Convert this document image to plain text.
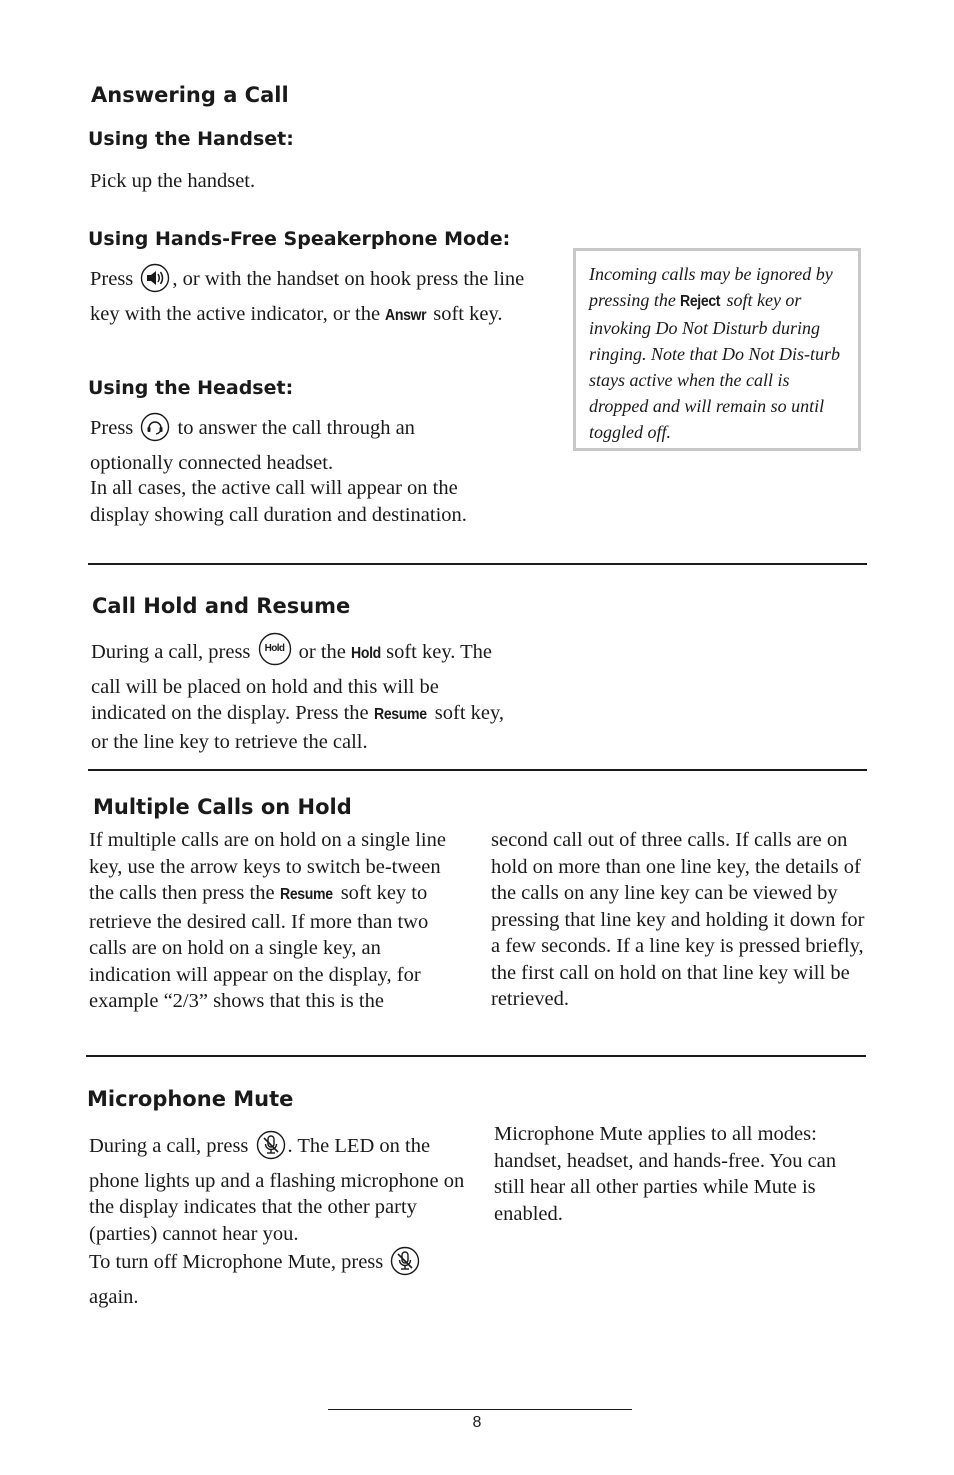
Answering a Call
Using the Handset:

Pick up the handset.

Using Hands-Free Speakerphone Mode:

Press , or with the handset on hook press the line key with the active indicator, or the Answr soft key.

Using the Headset:

Press to answer the call through an optionally connected headset.

In all cases, the active call will appear on the display showing call duration and destination.

Incoming calls may be ignored by pressing the Reject soft key or invoking Do Not Disturb during ringing. Note that Do Not Dis-turb stays active when the call is dropped and will remain so until toggled off.

Call Hold and Resume

During a call, press	Hold or the Hold soft key. The call will be placed on hold and this will be indicated on the display. Press the Resume soft key, or the line key to retrieve the call.

Multiple Calls on Hold

If multiple calls are on hold on a single line key, use the arrow keys to switch be-tween the calls then press the Resume soft key to retrieve the desired call. If more than two calls are on hold on a single key, an indication will appear on the display, for example “2/3” shows that this is the

second call out of three calls. If calls are on hold on more than one line key, the details of the calls on any line key can be viewed by pressing that line key and holding it down for a few seconds. If a line key is pressed briefly, the first call on hold on that line key will be retrieved.

Microphone Mute

During a call, press . The LED on the phone lights up and a flashing microphone on the display indicates that the other party (parties) cannot hear you.

To turn off Microphone Mute, press  again.

Microphone Mute applies to all modes: handset, headset, and hands-free. You can still hear all other parties while Mute is enabled.

8
